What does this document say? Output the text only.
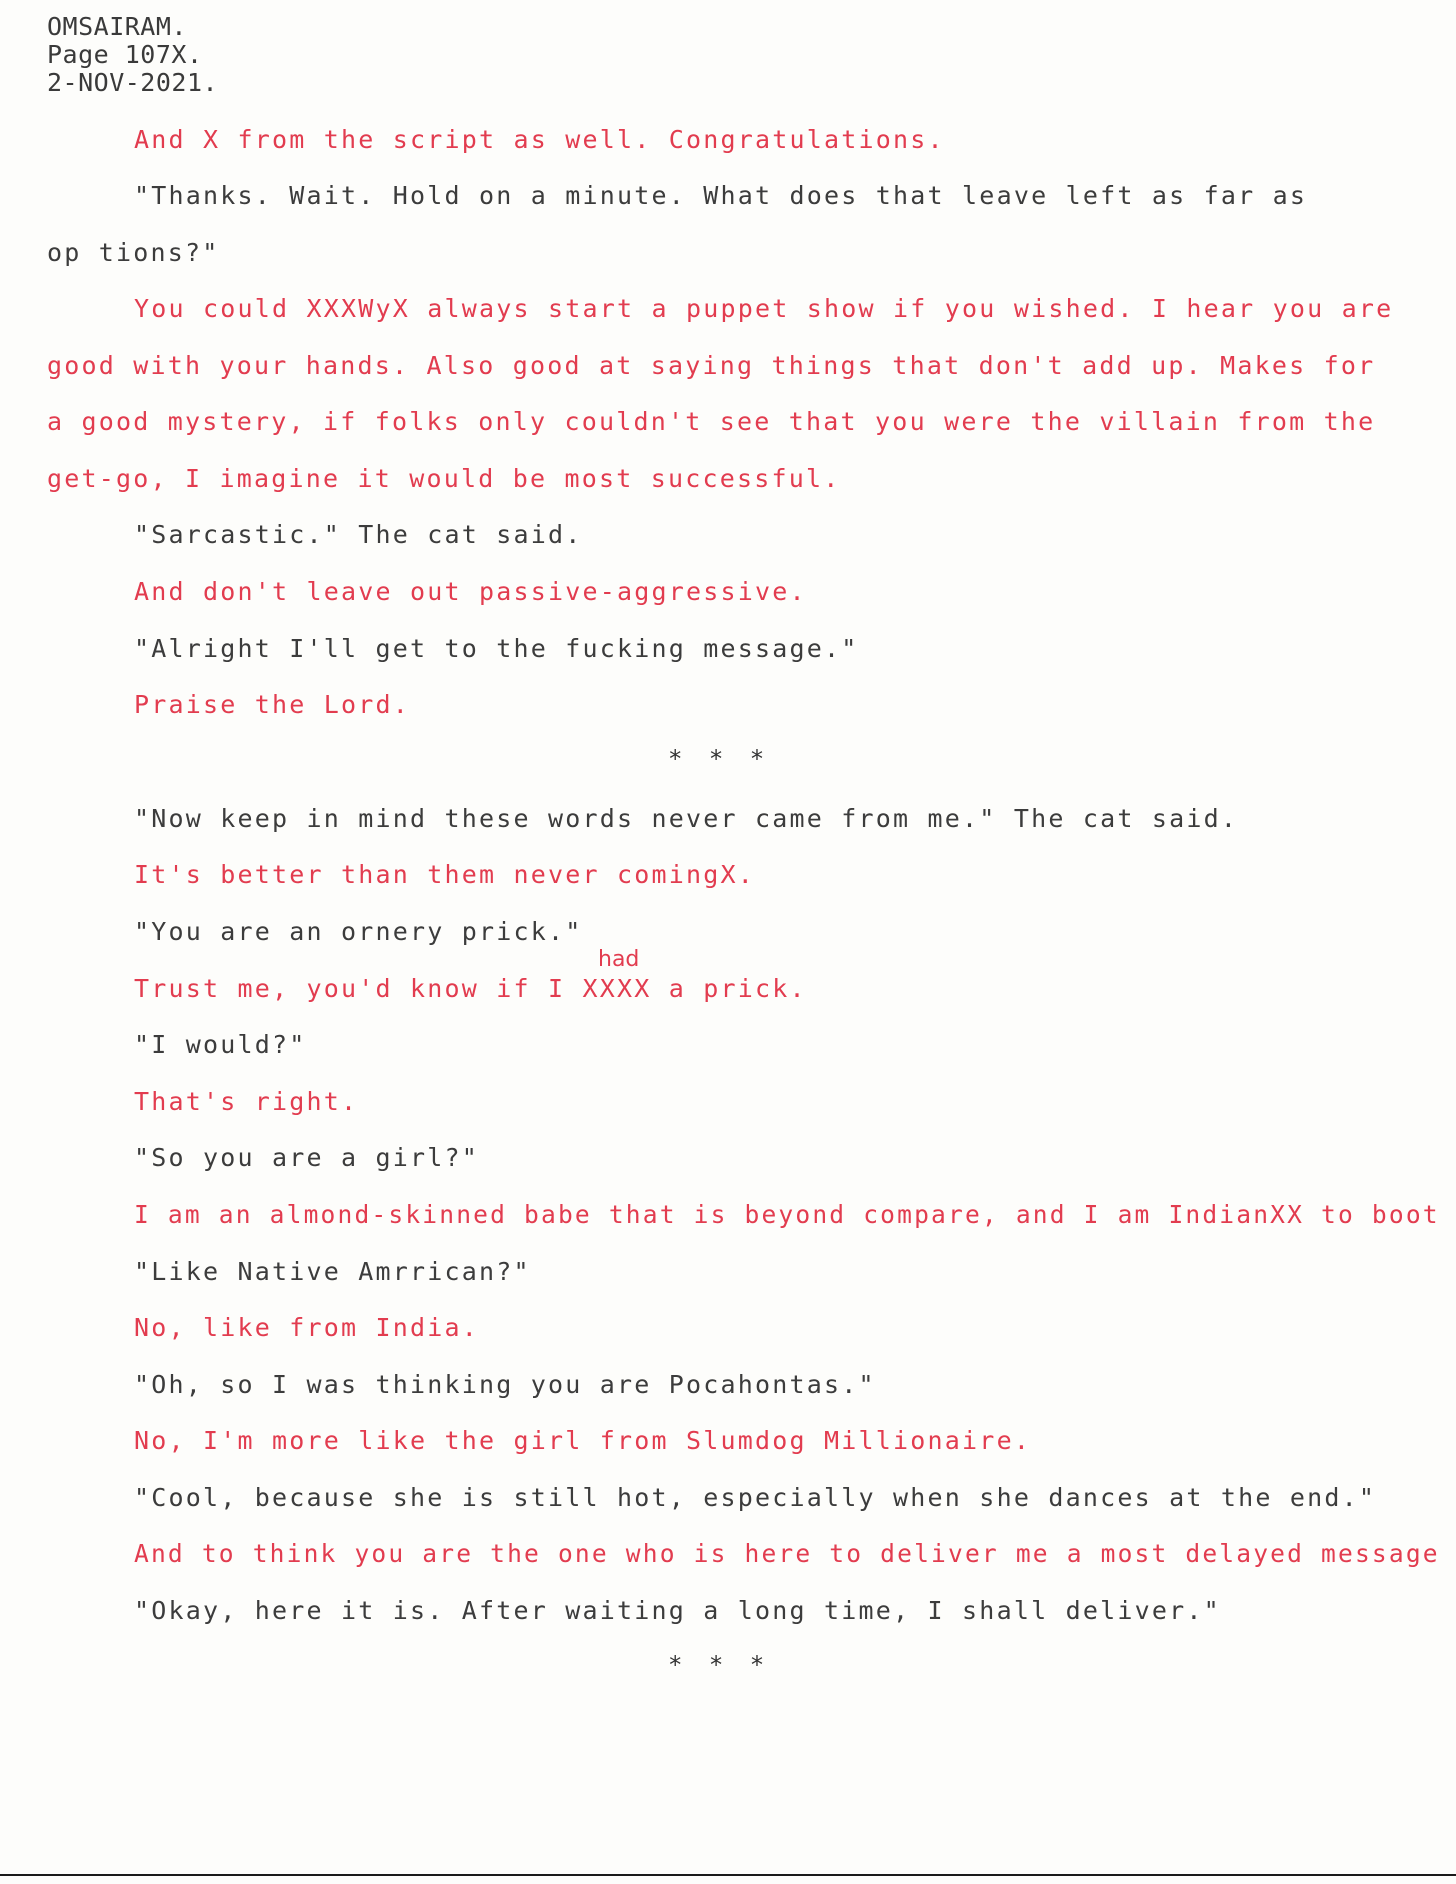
OMSAIRAM.
Page 107X.
2-NOV-2021.
And X from the script as well. Congratulations.
"Thanks. Wait. Hold on a minute. What does that leave left as far as
op tions?"
You could XXXWyX always start a puppet show if you wished. I hear you are
good with your hands. Also good at saying things that don't add up. Makes for
a good mystery, if folks only couldn't see that you were the villain from the
get-go, I imagine it would be most successful.
"Sarcastic." The cat said.
And don't leave out passive-aggressive.
"Alright I'll get to the fucking message."
Praise the Lord.
* * *
"Now keep in mind these words never came from me." The cat said.
It's better than them never comingX.
"You are an ornery prick."
had
Trust me, you'd know if I XXXX a prick.
"I would?"
That's right.
"So you are a girl?"
I am an almond-skinned babe that is beyond compare, and I am IndianXX to boot
"Like Native Amrrican?"
No, like from India.
"Oh, so I was thinking you are Pocahontas."
No, I'm more like the girl from Slumdog Millionaire.
"Cool, because she is still hot, especially when she dances at the end."
And to think you are the one who is here to deliver me a most delayed message
"Okay, here it is. After waiting a long time, I shall deliver."
* * *
